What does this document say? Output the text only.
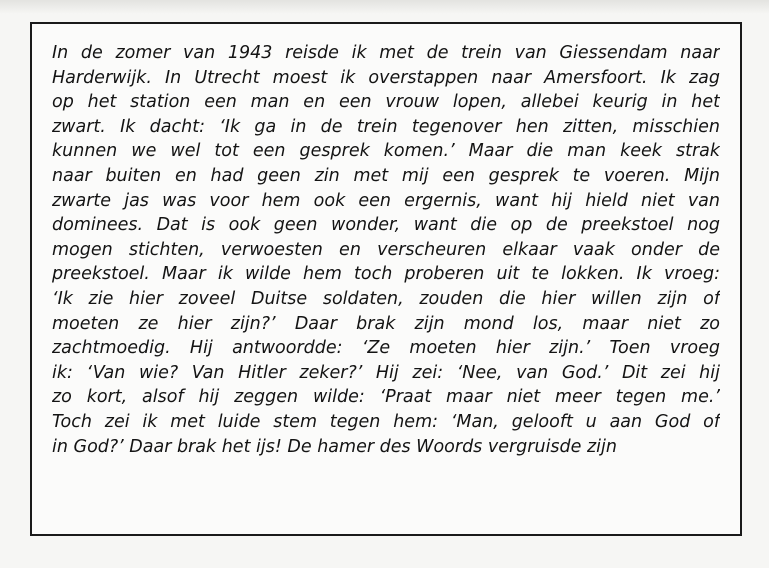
In de zomer van 1943 reisde ik met de trein van Giessendam naar
Harderwijk. In Utrecht moest ik overstappen naar Amersfoort. Ik zag
op het station een man en een vrouw lopen, allebei keurig in het
zwart. Ik dacht: ‘Ik ga in de trein tegenover hen zitten, misschien
kunnen we wel tot een gesprek komen.’ Maar die man keek strak
naar buiten en had geen zin met mij een gesprek te voeren. Mijn
zwarte jas was voor hem ook een ergernis, want hij hield niet van
dominees. Dat is ook geen wonder, want die op de preekstoel nog
mogen stichten, verwoesten en verscheuren elkaar vaak onder de
preekstoel. Maar ik wilde hem toch proberen uit te lokken. Ik vroeg:
‘Ik zie hier zoveel Duitse soldaten, zouden die hier willen zijn of
moeten ze hier zijn?’ Daar brak zijn mond los, maar niet zo
zachtmoedig. Hij antwoordde: ‘Ze moeten hier zijn.’ Toen vroeg
ik: ‘Van wie? Van Hitler zeker?’ Hij zei: ‘Nee, van God.’ Dit zei hij
zo kort, alsof hij zeggen wilde: ‘Praat maar niet meer tegen me.’
Toch zei ik met luide stem tegen hem: ‘Man, gelooft u aan God of
in God?’ Daar brak het ijs! De hamer des Woords vergruisde zijn
